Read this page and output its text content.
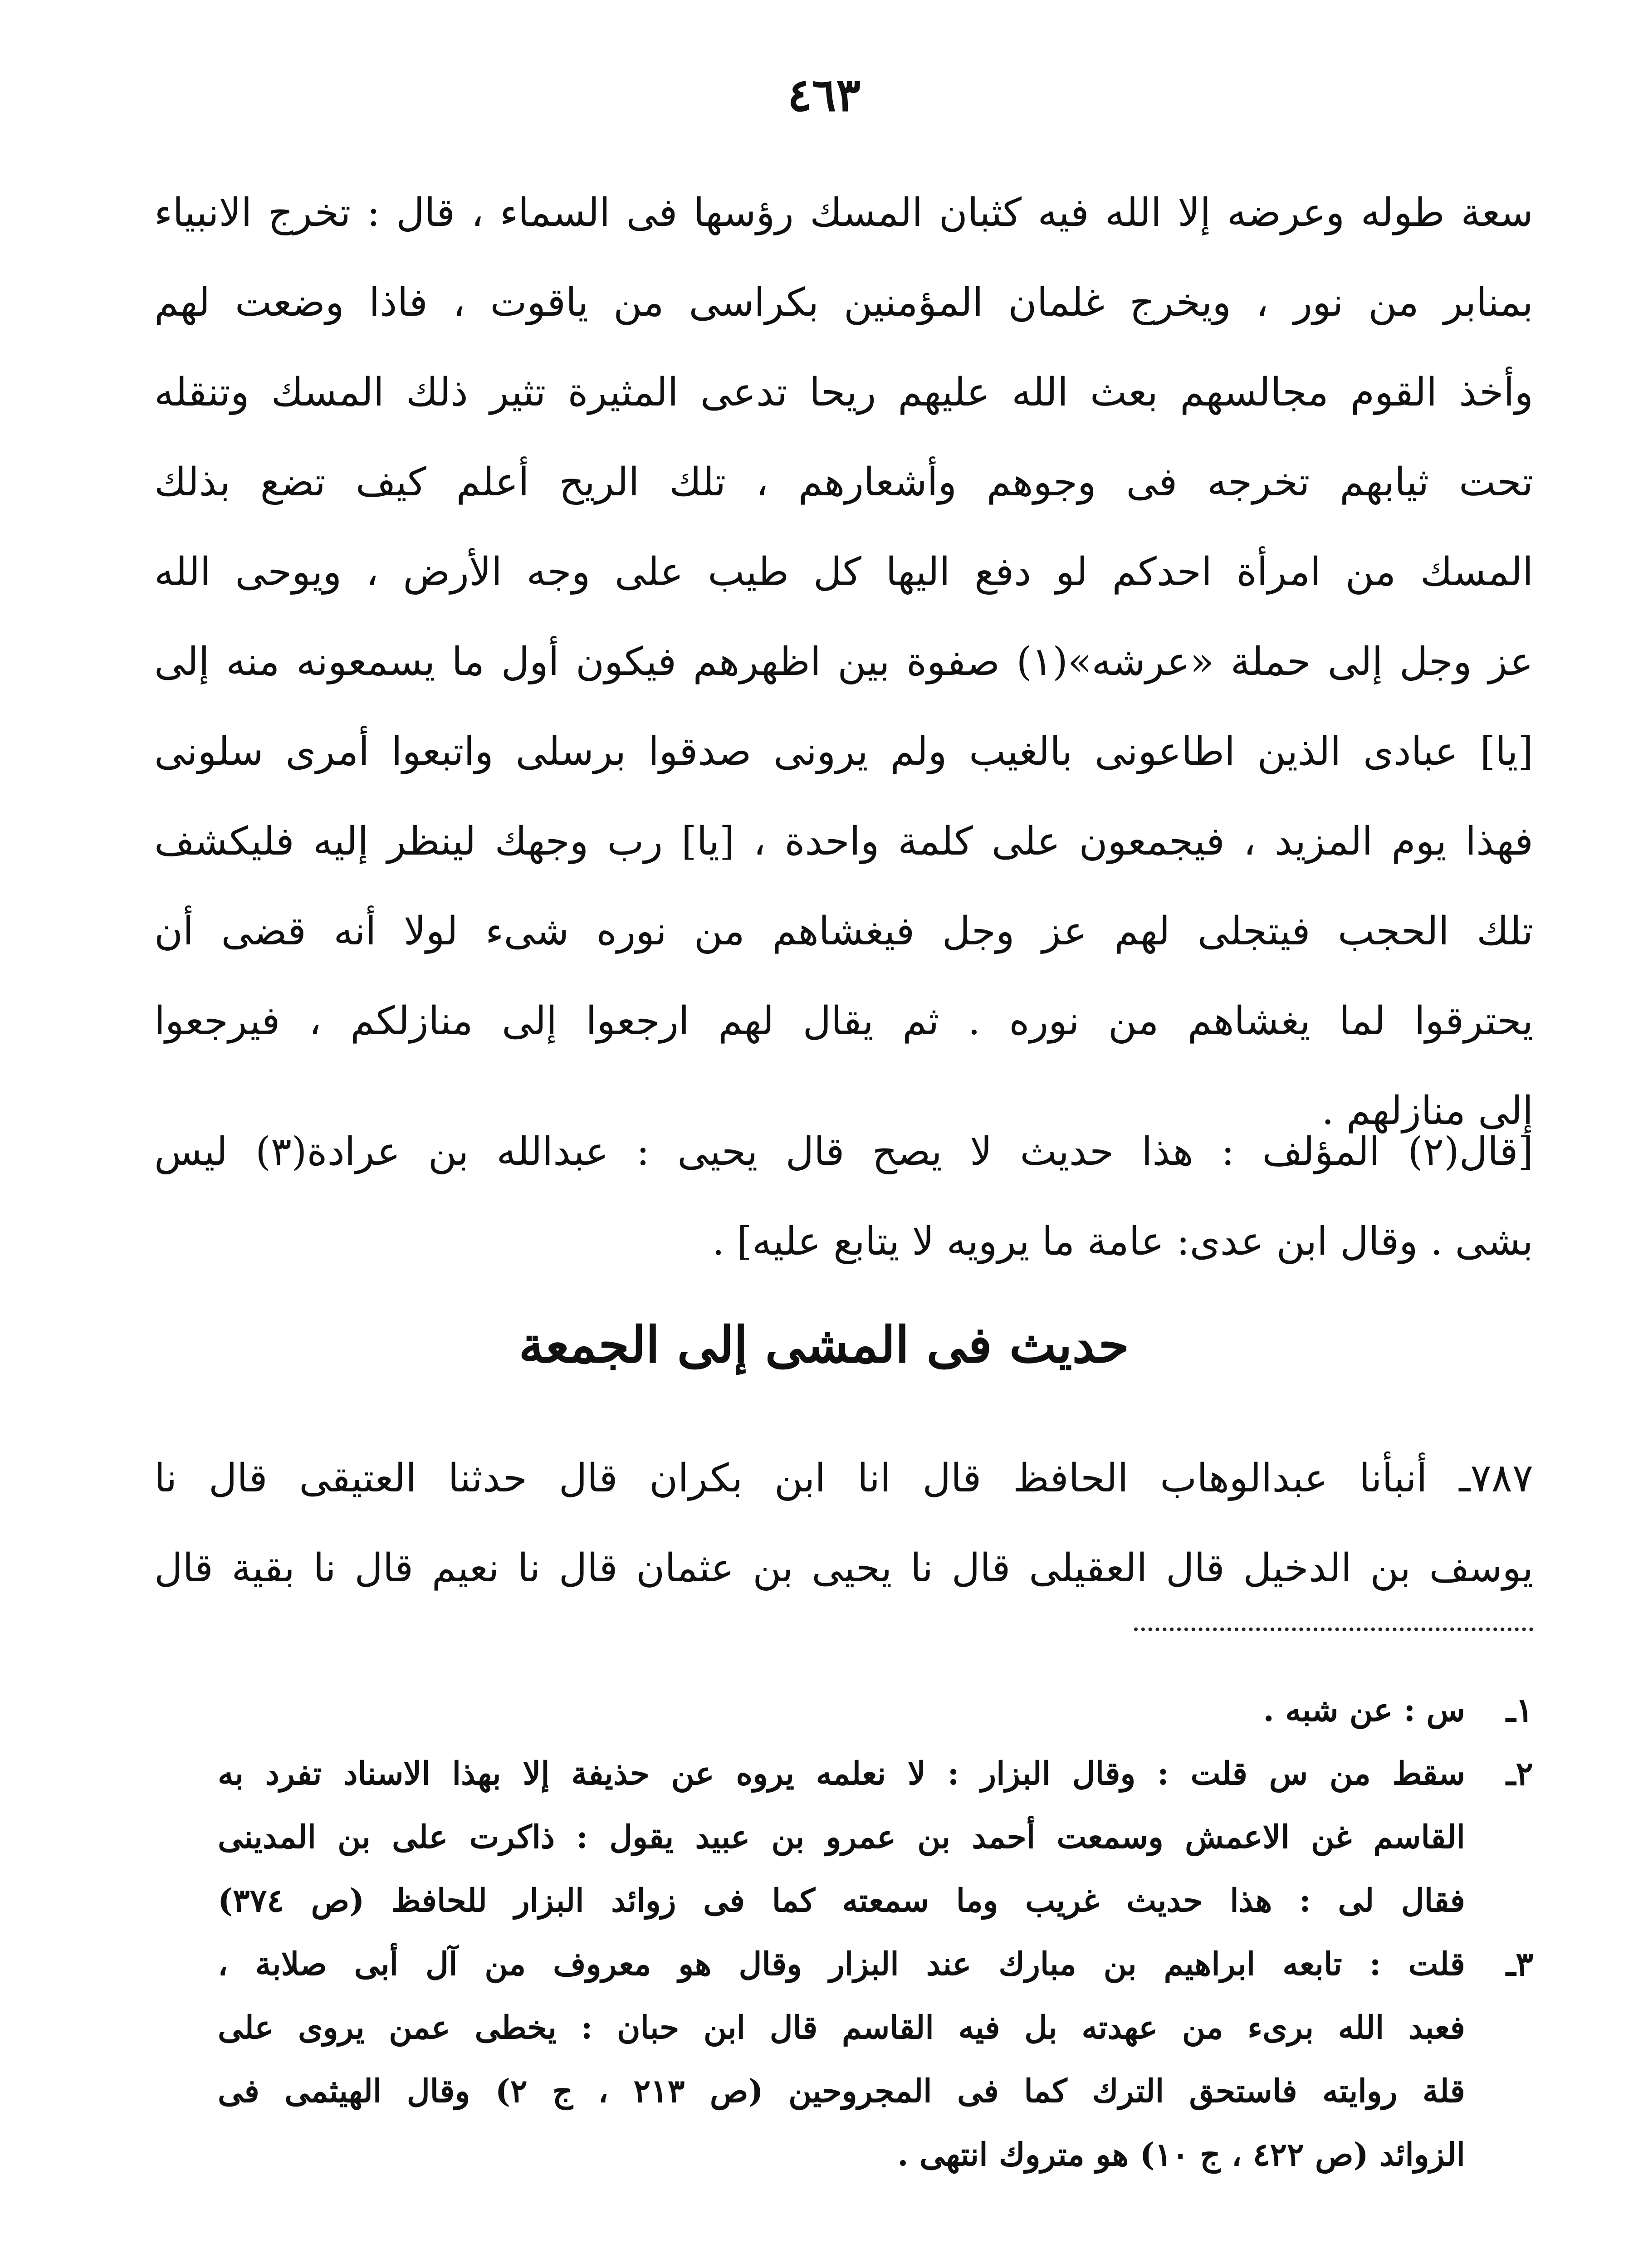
٤٦٣
سعة طوله وعرضه إلا الله فيه كثبان المسك رؤسها فى السماء ، قال : تخرج الانبياء
بمنابر من نور ، ويخرج غلمان المؤمنين بكراسى من ياقوت ، فاذا وضعت لهم
وأخذ القوم مجالسهم بعث الله عليهم ريحا تدعى المثيرة تثير ذلك المسك وتنقله
تحت ثيابهم تخرجه فى وجوهم وأشعارهم ، تلك الريح أعلم كيف تضع بذلك
المسك من امرأة احدكم لو دفع اليها كل طيب على وجه الأرض ، ويوحى الله
عز وجل إلى حملة «عرشه»(١) صفوة بين اظهرهم فيكون أول ما يسمعونه منه إلى
[يا] عبادى الذين اطاعونى بالغيب ولم يرونى صدقوا برسلى واتبعوا أمرى سلونى
فهذا يوم المزيد ، فيجمعون على كلمة واحدة ، [يا] رب وجهك لينظر إليه فليكشف
تلك الحجب فيتجلى لهم عز وجل فيغشاهم من نوره شىء لولا أنه قضى أن
يحترقوا لما يغشاهم من نوره . ثم يقال لهم ارجعوا إلى منازلكم ، فيرجعوا
إلى منازلهم .
[قال(٢) المؤلف : هذا حديث لا يصح قال يحيى : عبدالله بن عرادة(٣) ليس
بشى . وقال ابن عدى: عامة ما يرويه لا يتابع عليه] .
حديث فى المشى إلى الجمعة
٧٨٧ـ أنبأنا عبدالوهاب الحافظ قال انا ابن بكران قال حدثنا العتيقى قال نا
يوسف بن الدخيل قال العقيلى قال نا يحيى بن عثمان قال نا نعيم قال نا بقية قال
١ـ
س : عن شبه .
٢ـ
سقط من س قلت : وقال البزار : لا نعلمه يروه عن حذيفة إلا بهذا الاسناد تفرد به
القاسم غن الاعمش وسمعت أحمد بن عمرو بن عبيد يقول : ذاكرت على بن المدينى
فقال لى : هذا حديث غريب وما سمعته كما فى زوائد البزار للحافظ (ص ٣٧٤)
٣ـ
قلت : تابعه ابراهيم بن مبارك عند البزار وقال هو معروف من آل أبى صلابة ،
فعبد الله برىء من عهدته بل فيه القاسم قال ابن حبان : يخطى عمن يروى على
قلة روايته فاستحق الترك كما فى المجروحين (ص ٢١٣ ، ج ٢) وقال الهيثمى فى
الزوائد (ص ٤٢٢ ، ج ١٠) هو متروك انتهى .
